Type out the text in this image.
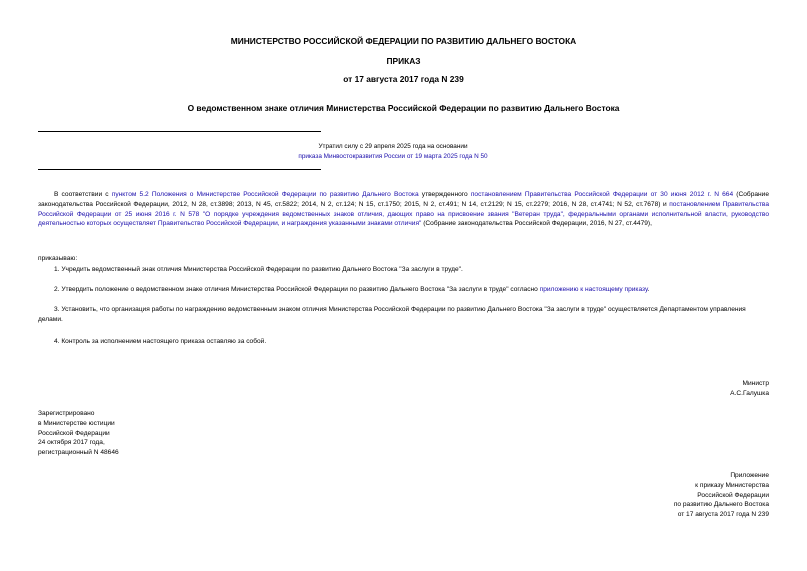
МИНИСТЕРСТВО РОССИЙСКОЙ ФЕДЕРАЦИИ ПО РАЗВИТИЮ ДАЛЬНЕГО ВОСТОКА
ПРИКАЗ
от 17 августа 2017 года N 239
О ведомственном знаке отличия Министерства Российской Федерации по развитию Дальнего Востока
Утратил силу с 29 апреля 2025 года на основании
приказа Минвостокразвития России от 19 марта 2025 года N 50
В соответствии с пунктом 5.2 Положения о Министерстве Российской Федерации по развитию Дальнего Востока утвержденного постановлением Правительства Российской Федерации от 30 июня 2012 г. N 664 (Собрание законодательства Российской Федерации, 2012, N 28, ст.3898; 2013, N 45, ст.5822; 2014, N 2, ст.124; N 15, ст.1750; 2015, N 2, ст.491; N 14, ст.2129; N 15, ст.2279; 2016, N 28, ст.4741; N 52, ст.7678) и постановлением Правительства Российской Федерации от 25 июня 2016 г. N 578 "О порядке учреждения ведомственных знаков отличия, дающих право на присвоение звания "Ветеран труда", федеральными органами исполнительной власти, руководство деятельностью которых осуществляет Правительство Российской Федерации, и награждения указанными знаками отличия" (Собрание законодательства Российской Федерации, 2016, N 27, ст.4479),
приказываю:
1. Учредить ведомственный знак отличия Министерства Российской Федерации по развитию Дальнего Востока "За заслуги в труде".
2. Утвердить положение о ведомственном знаке отличия Министерства Российской Федерации по развитию Дальнего Востока "За заслуги в труде" согласно приложению к настоящему приказу.
3. Установить, что организация работы по награждению ведомственным знаком отличия Министерства Российской Федерации по развитию Дальнего Востока "За заслуги в труде" осуществляется Департаментом управления делами.
4. Контроль за исполнением настоящего приказа оставляю за собой.
Министр
А.С.Галушка
Зарегистрировано
в Министерстве юстиции
Российской Федерации
24 октября 2017 года,
регистрационный N 48646
Приложение
к приказу Министерства
Российской Федерации
по развитию Дальнего Востока
от 17 августа 2017 года N 239
